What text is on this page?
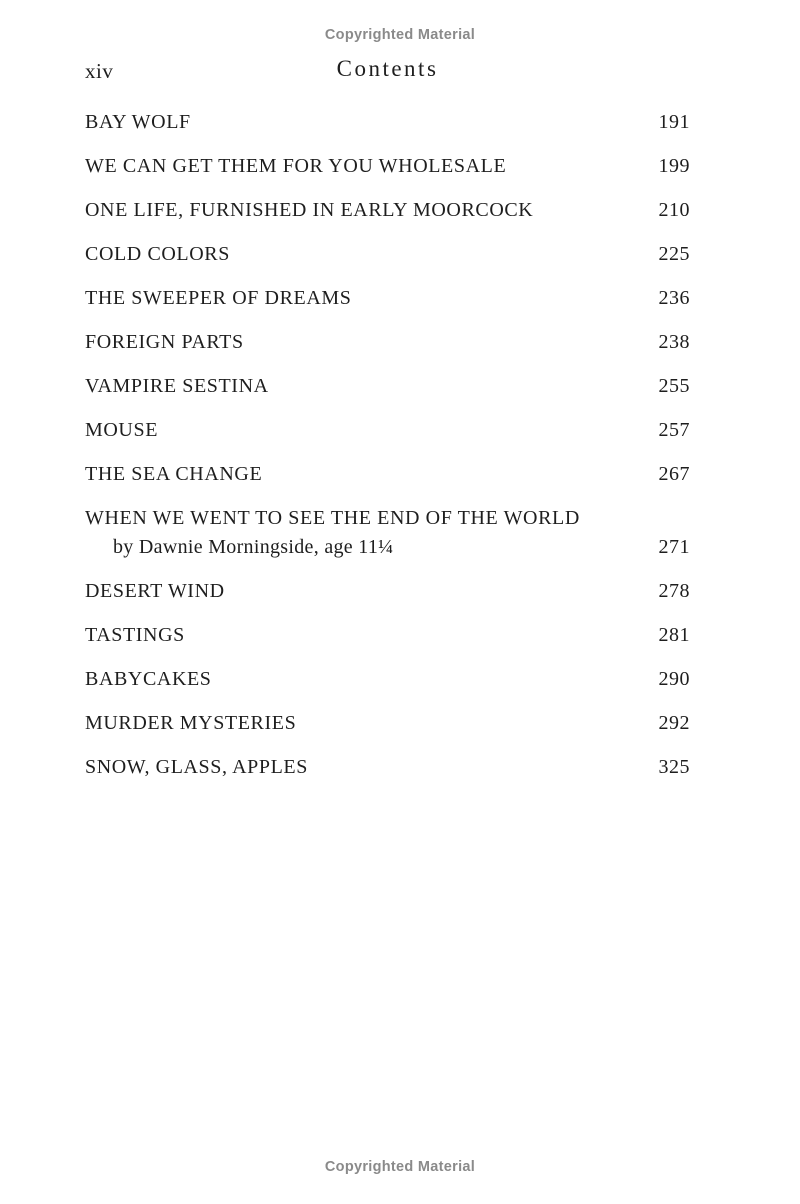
Copyrighted Material
xiv	Contents
BAY WOLF	191
WE CAN GET THEM FOR YOU WHOLESALE	199
ONE LIFE, FURNISHED IN EARLY MOORCOCK	210
COLD COLORS	225
THE SWEEPER OF DREAMS	236
FOREIGN PARTS	238
VAMPIRE SESTINA	255
MOUSE	257
THE SEA CHANGE	267
WHEN WE WENT TO SEE THE END OF THE WORLD
by Dawnie Morningside, age 11¼	271
DESERT WIND	278
TASTINGS	281
BABYCAKES	290
MURDER MYSTERIES	292
SNOW, GLASS, APPLES	325
Copyrighted Material
